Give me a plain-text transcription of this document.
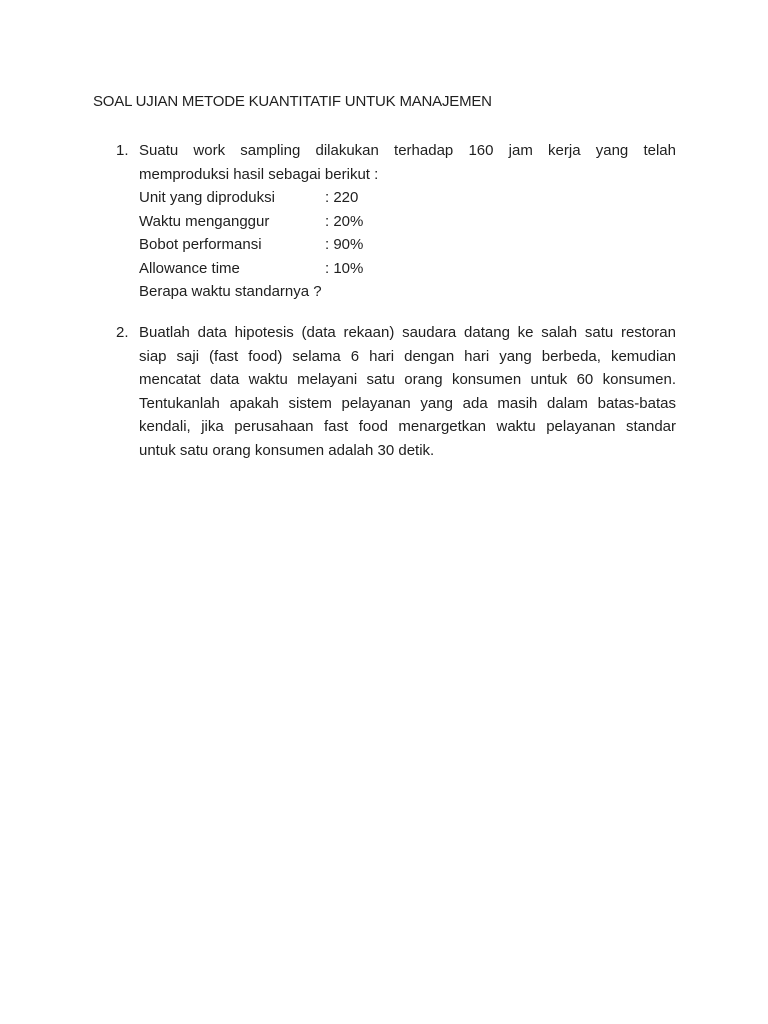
SOAL UJIAN METODE KUANTITATIF UNTUK MANAJEMEN
1. Suatu work sampling dilakukan terhadap 160 jam kerja yang telah
memproduksi hasil sebagai berikut :
Unit yang diproduksi	: 220
Waktu menganggur	: 20%
Bobot performansi	: 90%
Allowance time	: 10%
Berapa waktu standarnya ?
2. Buatlah data hipotesis (data rekaan) saudara datang ke salah satu restoran
siap saji (fast food) selama 6 hari dengan hari yang berbeda, kemudian
mencatat data waktu melayani satu orang konsumen untuk 60 konsumen.
Tentukanlah apakah sistem pelayanan yang ada masih dalam batas-batas
kendali, jika perusahaan fast food menargetkan waktu pelayanan standar
untuk satu orang konsumen adalah 30 detik.
